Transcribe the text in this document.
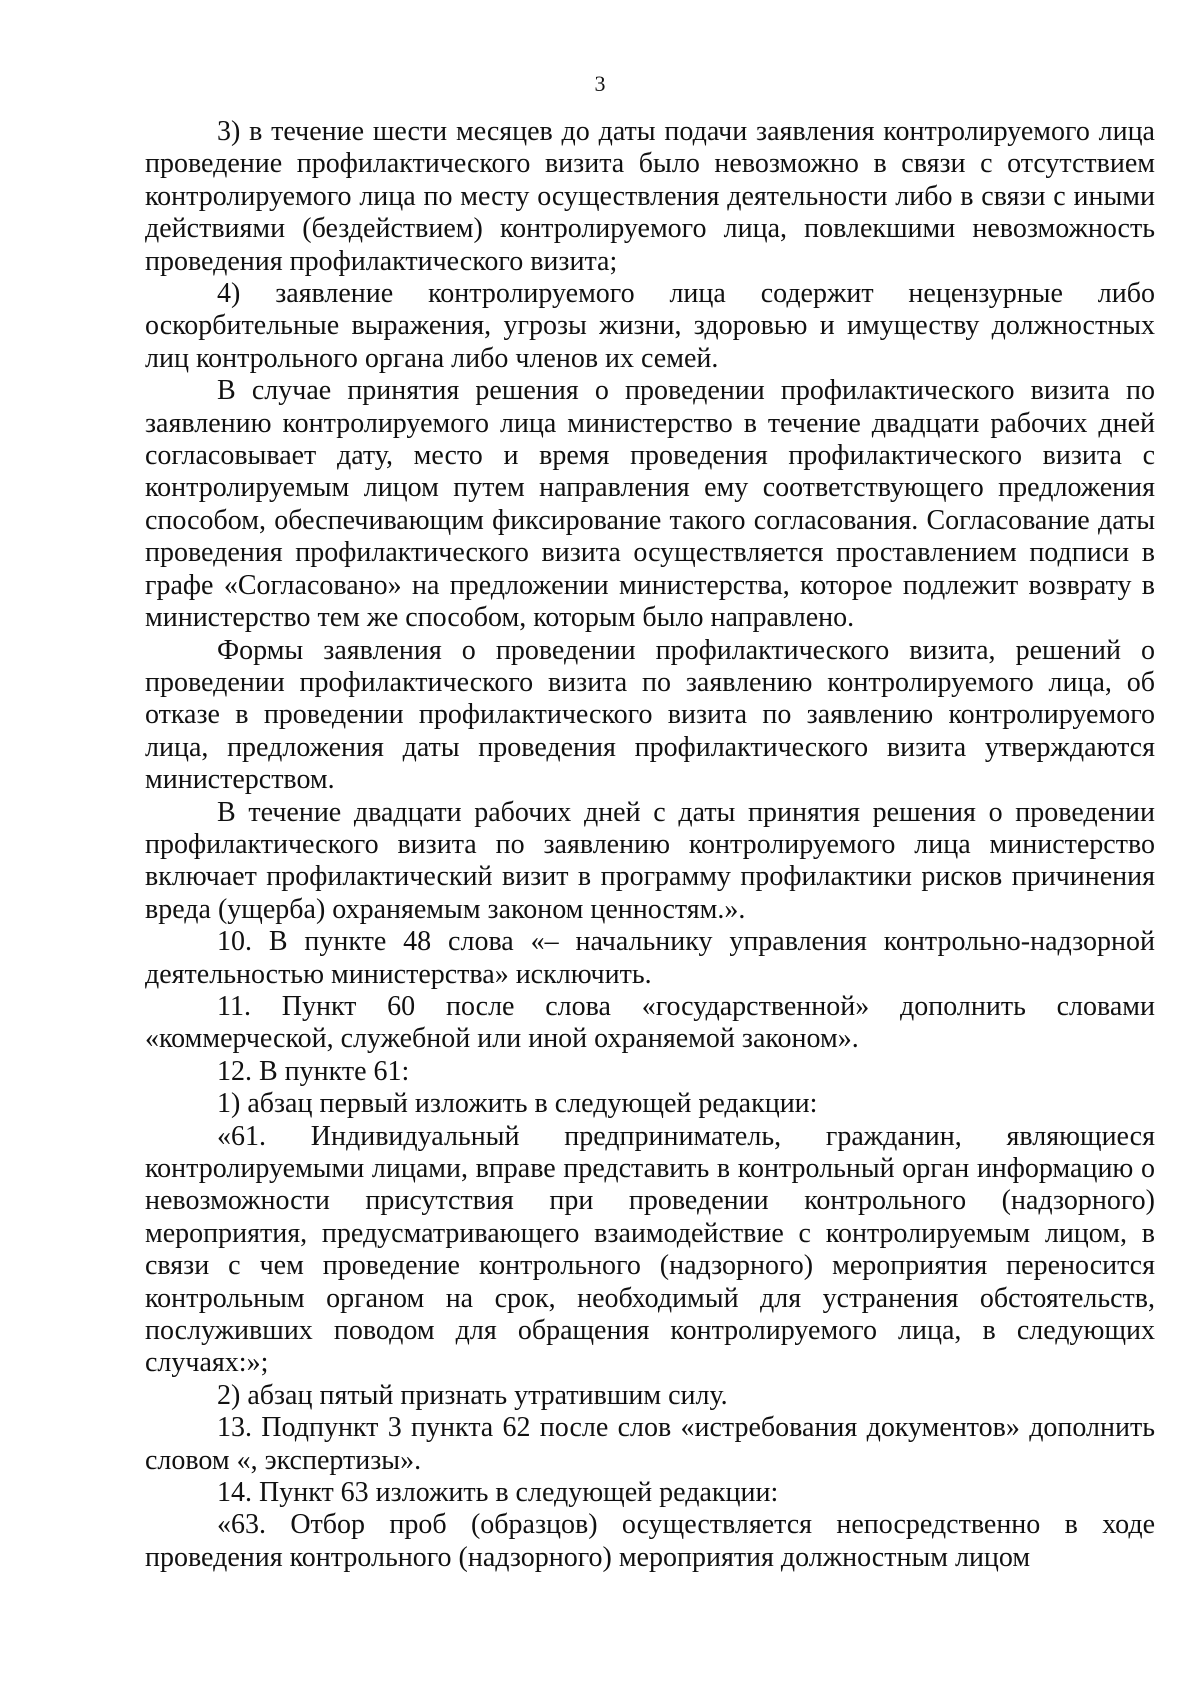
3

3) в течение шести месяцев до даты подачи заявления контролируемого лица проведение профилактического визита было невозможно в связи с отсутствием контролируемого лица по месту осуществления деятельности либо в связи с иными действиями (бездействием) контролируемого лица, повлекшими невозможность проведения профилактического визита;

4) заявление контролируемого лица содержит нецензурные либо оскорбительные выражения, угрозы жизни, здоровью и имуществу должностных лиц контрольного органа либо членов их семей.

В случае принятия решения о проведении профилактического визита по заявлению контролируемого лица министерство в течение двадцати рабочих дней согласовывает дату, место и время проведения профилактического визита с контролируемым лицом путем направления ему соответствующего предложения способом, обеспечивающим фиксирование такого согласования. Согласование даты проведения профилактического визита осуществляется проставлением подписи в графе «Согласовано» на предложении министерства, которое подлежит возврату в министерство тем же способом, которым было направлено.

Формы заявления о проведении профилактического визита, решений о проведении профилактического визита по заявлению контролируемого лица, об отказе в проведении профилактического визита по заявлению контролируемого лица, предложения даты проведения профилактического визита утверждаются министерством.

В течение двадцати рабочих дней с даты принятия решения о проведении профилактического визита по заявлению контролируемого лица министерство включает профилактический визит в программу профилактики рисков причинения вреда (ущерба) охраняемым законом ценностям.».

10. В пункте 48 слова «– начальнику управления контрольно-надзорной деятельностью министерства» исключить.

11. Пункт 60 после слова «государственной» дополнить словами «коммерческой, служебной или иной охраняемой законом».

12. В пункте 61:

1) абзац первый изложить в следующей редакции:

«61. Индивидуальный предприниматель, гражданин, являющиеся контролируемыми лицами, вправе представить в контрольный орган информацию о невозможности присутствия при проведении контрольного (надзорного) мероприятия, предусматривающего взаимодействие с контролируемым лицом, в связи с чем проведение контрольного (надзорного) мероприятия переносится контрольным органом на срок, необходимый для устранения обстоятельств, послуживших поводом для обращения контролируемого лица, в следующих случаях:»;

2) абзац пятый признать утратившим силу.

13. Подпункт 3 пункта 62 после слов «истребования документов» дополнить словом «, экспертизы».

14. Пункт 63 изложить в следующей редакции:

«63. Отбор проб (образцов) осуществляется непосредственно в ходе проведения контрольного (надзорного) мероприятия должностным лицом
